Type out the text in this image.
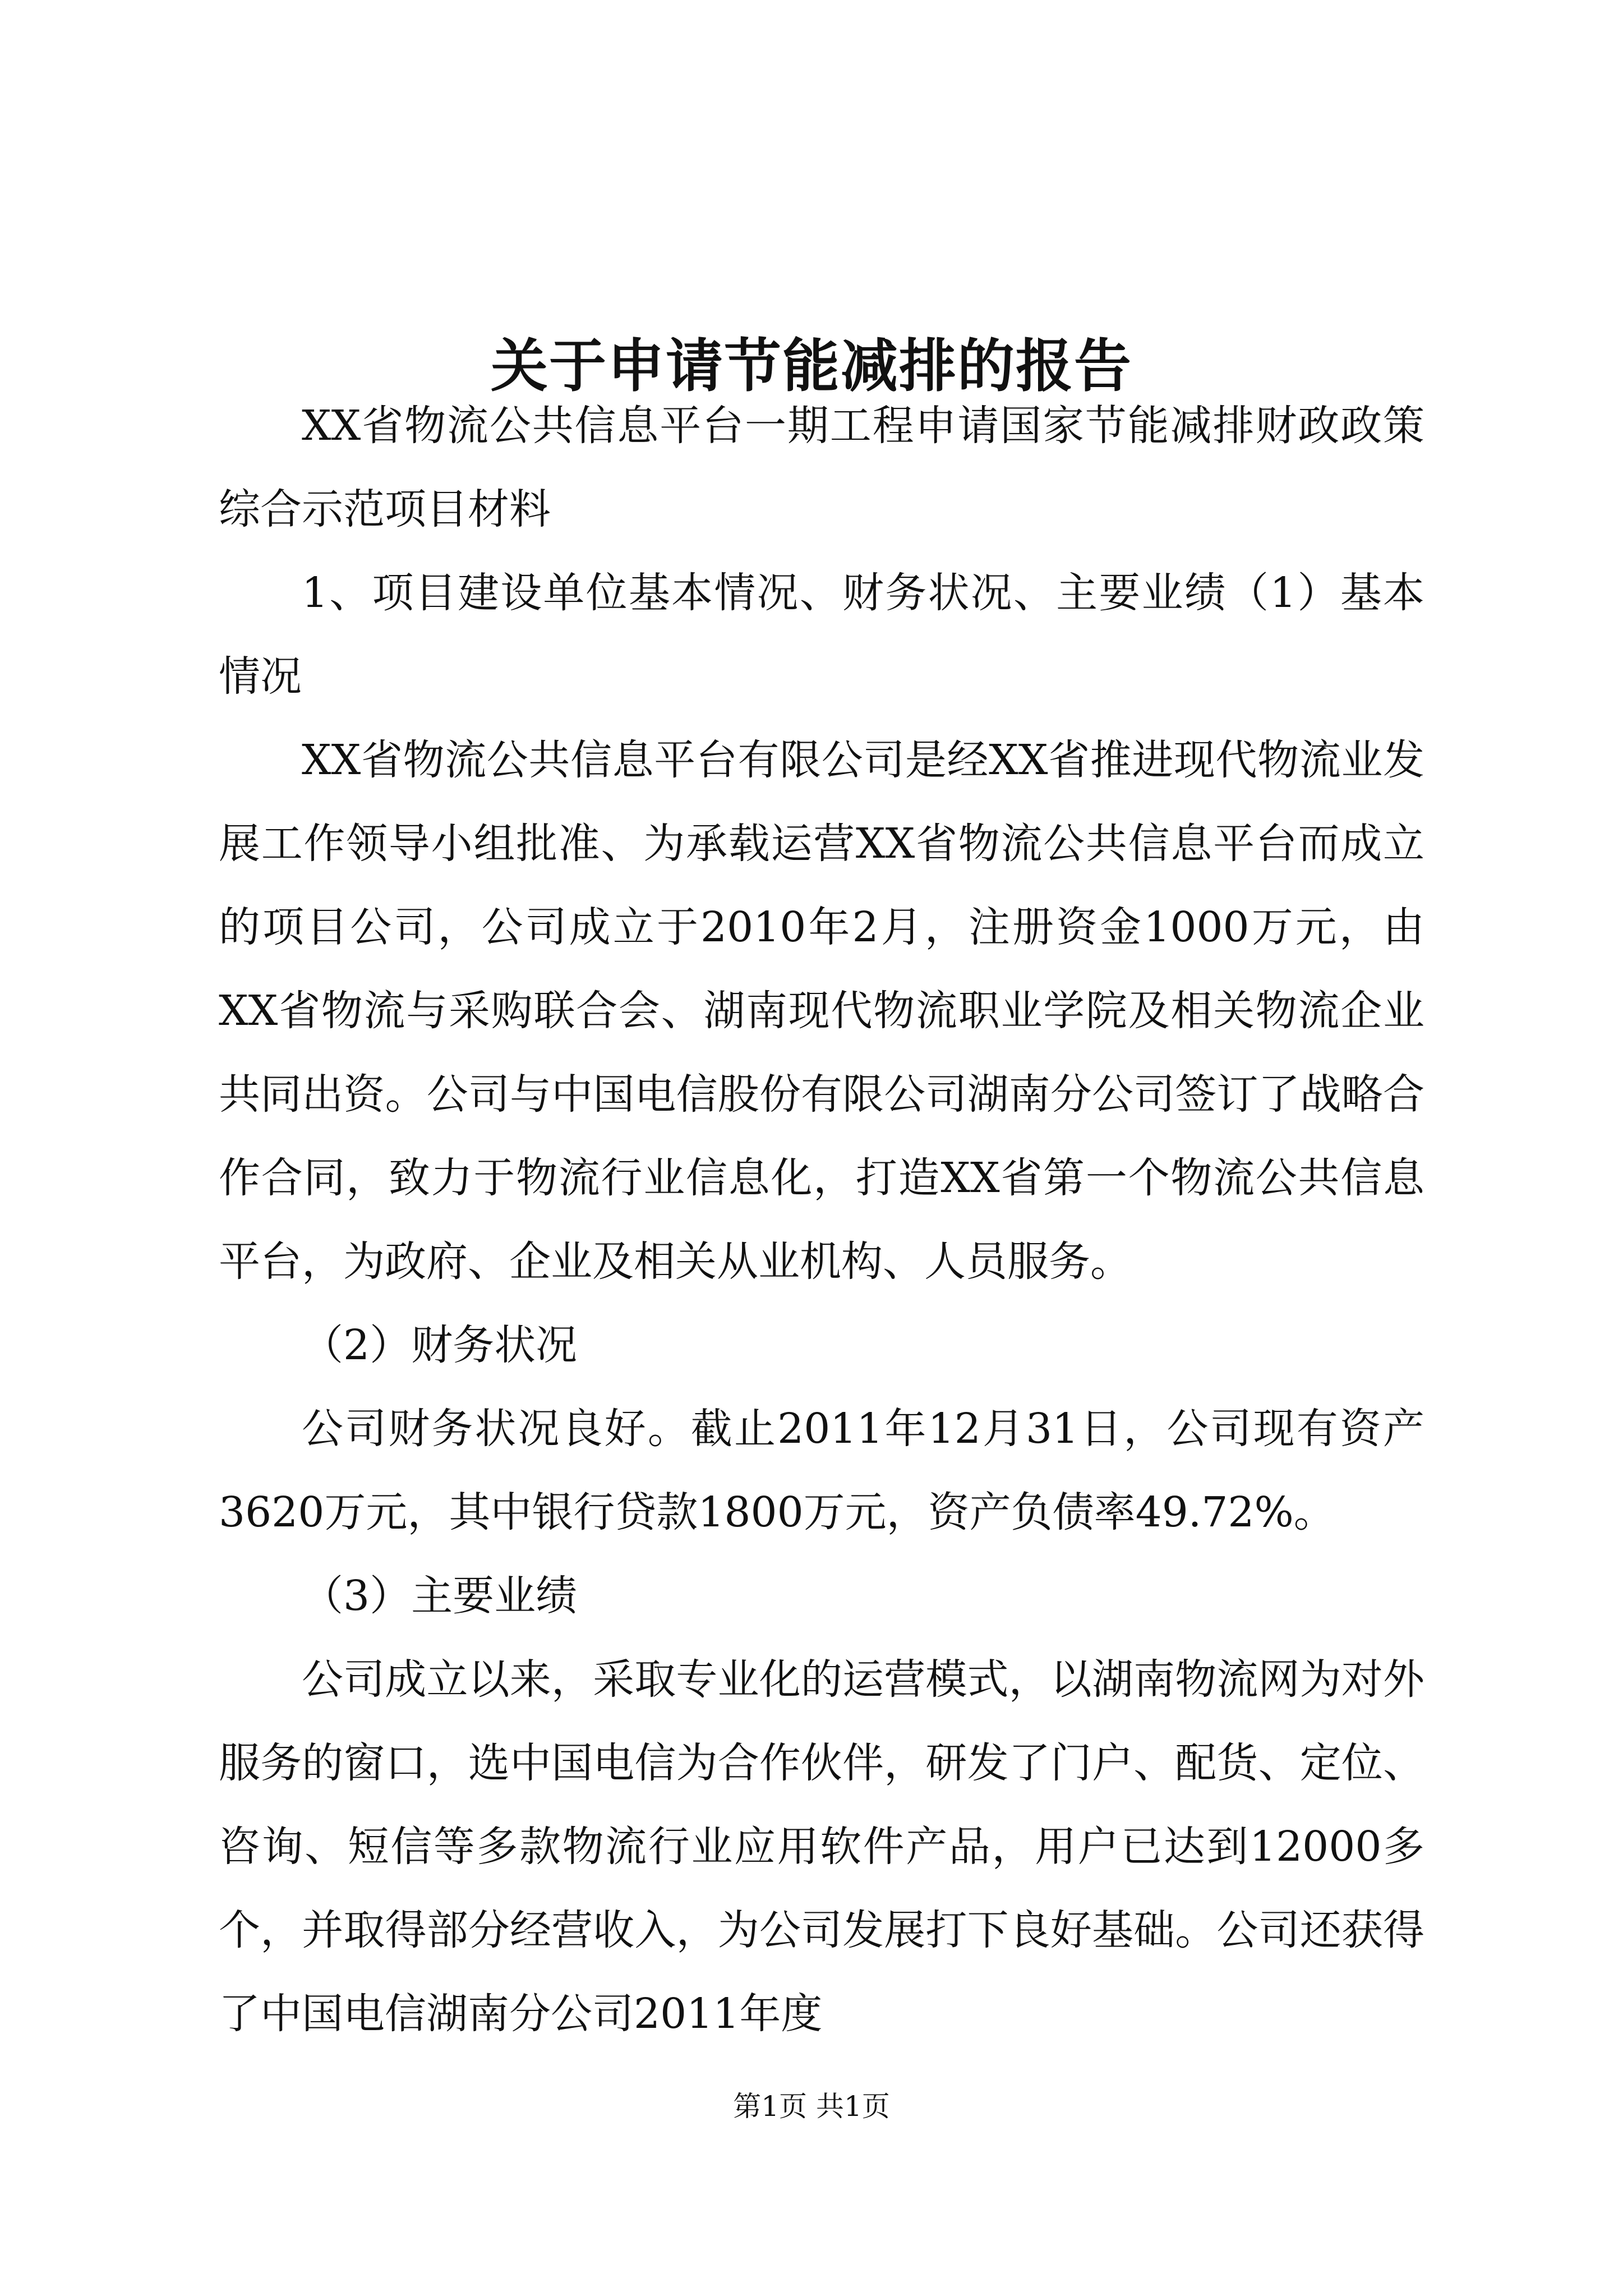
关于申请节能减排的报告

XX省物流公共信息平台一期工程申请国家节能减排财政政策综合示范项目材料

1、项目建设单位基本情况、财务状况、主要业绩（1）基本情况

XX省物流公共信息平台有限公司是经XX省推进现代物流业发展工作领导小组批准、为承载运营XX省物流公共信息平台而成立的项目公司，公司成立于2010年2月，注册资金1000万元，由XX省物流与采购联合会、湖南现代物流职业学院及相关物流企业共同出资。公司与中国电信股份有限公司湖南分公司签订了战略合作合同，致力于物流行业信息化，打造XX省第一个物流公共信息平台，为政府、企业及相关从业机构、人员服务。

（2）财务状况

公司财务状况良好。截止2011年12月31日，公司现有资产3620万元，其中银行贷款1800万元，资产负债率49.72%。

（3）主要业绩

公司成立以来，采取专业化的运营模式，以湖南物流网为对外服务的窗口，选中国电信为合作伙伴，研发了门户、配货、定位、咨询、短信等多款物流行业应用软件产品，用户已达到12000多个，并取得部分经营收入，为公司发展打下良好基础。公司还获得了中国电信湖南分公司2011年度

第1页 共1页
